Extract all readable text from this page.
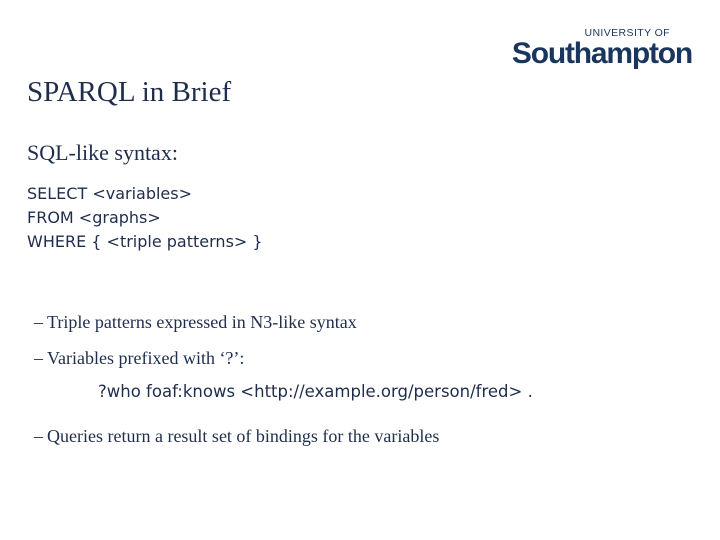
UNIVERSITY OF
Southampton
SPARQL in Brief

SQL-like syntax:

SELECT <variables>
FROM <graphs>
WHERE { <triple patterns> }
– Triple patterns expressed in N3-like syntax
– Variables prefixed with ‘?’:
?who foaf:knows <http://example.org/person/fred> .
– Queries return a result set of bindings for the variables
